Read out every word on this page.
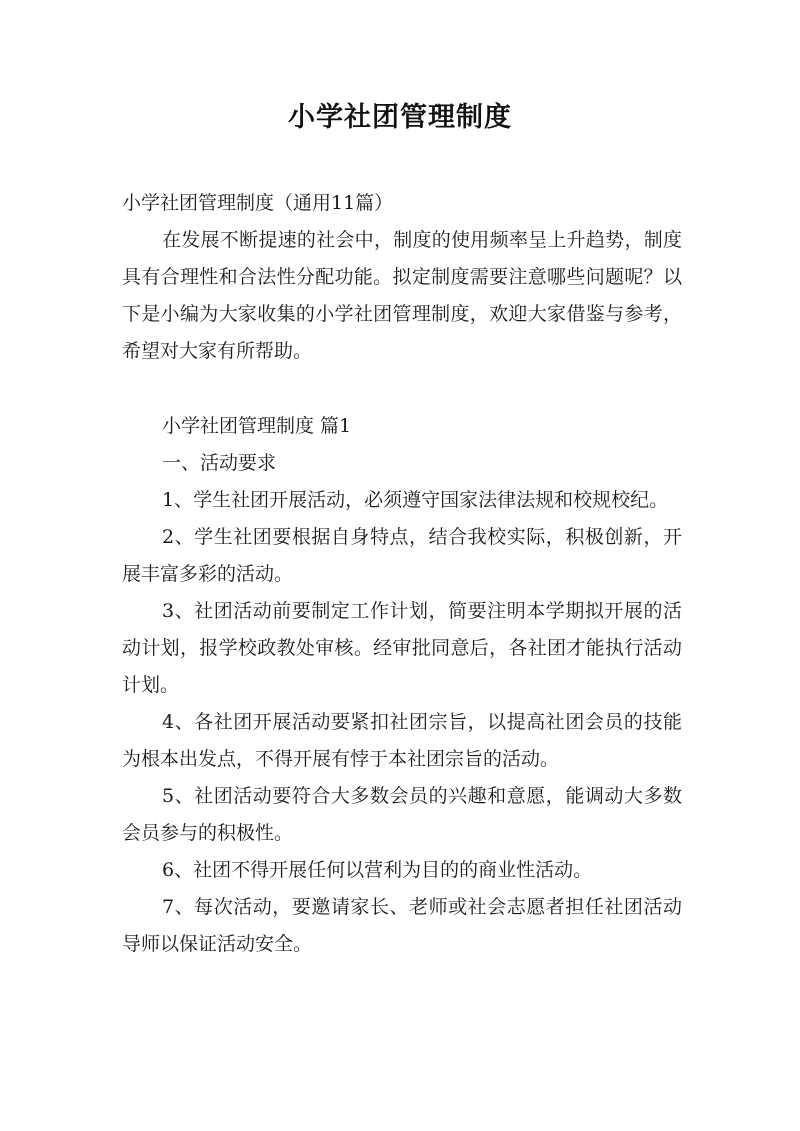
小学社团管理制度

小学社团管理制度（通用11篇）

在发展不断提速的社会中，制度的使用频率呈上升趋势，制度具有合理性和合法性分配功能。拟定制度需要注意哪些问题呢？以下是小编为大家收集的小学社团管理制度，欢迎大家借鉴与参考，希望对大家有所帮助。

小学社团管理制度 篇1

一、活动要求

1、学生社团开展活动，必须遵守国家法律法规和校规校纪。

2、学生社团要根据自身特点，结合我校实际，积极创新，开展丰富多彩的活动。

3、社团活动前要制定工作计划，简要注明本学期拟开展的活动计划，报学校政教处审核。经审批同意后，各社团才能执行活动计划。

4、各社团开展活动要紧扣社团宗旨，以提高社团会员的技能为根本出发点，不得开展有悖于本社团宗旨的活动。

5、社团活动要符合大多数会员的兴趣和意愿，能调动大多数会员参与的积极性。

6、社团不得开展任何以营利为目的的商业性活动。

7、每次活动，要邀请家长、老师或社会志愿者担任社团活动导师以保证活动安全。
